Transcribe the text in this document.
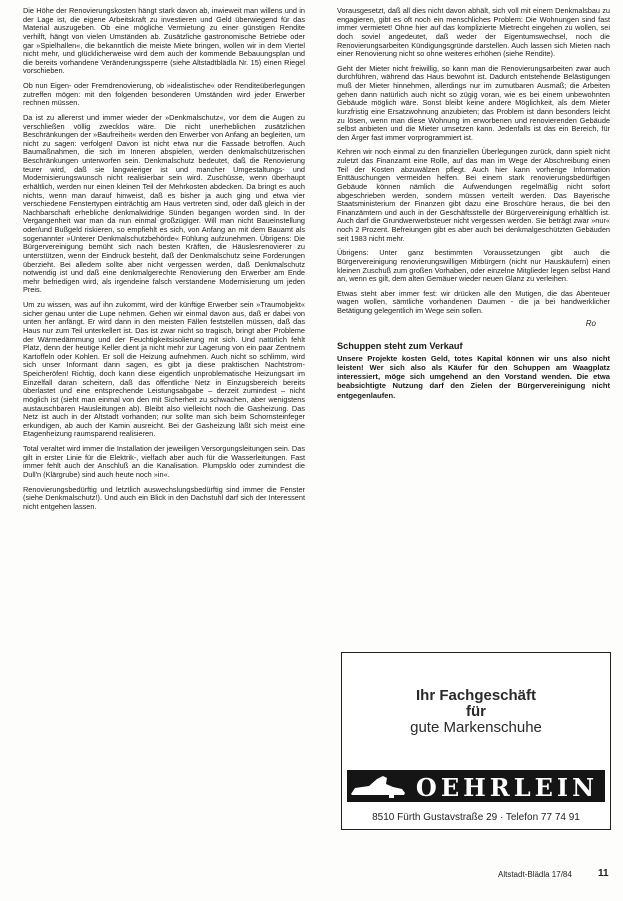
Die Höhe der Renovierungskosten hängt stark davon ab, inwieweit man willens und in der Lage ist, die eigene Arbeitskraft zu investieren und Geld überwiegend für das Material auszugeben. Ob eine mögliche Vermietung zu einer günstigen Rendite verhilft, hängt von vielen Umständen ab. Zusätzliche gastronomische Betriebe oder gar »Spielhallen«, die bekanntlich die meiste Miete bringen, wollen wir in dem Viertel nicht mehr, und glücklicherweise wird dem auch der kommende Bebauungsplan und die bereits vorhandene Veränderungssperre (siehe Altstadtblädla Nr. 15) einen Riegel vorschieben.

Ob nun Eigen- oder Fremdrenovierung, ob »idealistische« oder Renditeüberlegungen zutreffen mögen: mit den folgenden besonderen Umständen wird jeder Erwerber rechnen müssen.

Da ist zu allererst und immer wieder der »Denkmalschutz«, vor dem die Augen zu verschließen völlig zwecklos wäre. Die nicht unerheblichen zusätzlichen Beschränkungen der »Baufreiheit« werden den Erwerber von Anfang an begleiten, um nicht zu sagen: verfolgen! Davon ist nicht etwa nur die Fassade betroffen. Auch Baumaßnahmen, die sich im Inneren abspielen, werden denkmalschützerischen Beschränkungen unterworfen sein. Denkmalschutz bedeutet, daß die Renovierung teurer wird, daß sie langwieriger ist und mancher Umgestaltungs- und Modernisierungswunsch nicht realisierbar sein wird. Zuschüsse, wenn überhaupt erhältlich, werden nur einen kleinen Teil der Mehrkosten abdecken. Da bringt es auch nichts, wenn man darauf hinweist, daß es bisher ja auch ging und etwa vier verschiedene Fenstertypen einträchtig am Haus vertreten sind, oder daß gleich in der Nachbarschaft erhebliche denkmalwidrige Sünden begangen worden sind. In der Vergangenheit war man da nun einmal großzügiger. Will man nicht Baueinstellung oder/und Bußgeld riskieren, so empfiehlt es sich, von Anfang an mit dem Bauamt als sogenannter »Unterer Denkmalschutzbehörde« Fühlung aufzunehmen. Übrigens: Die Bürgervereinigung bemüht sich nach besten Kräften, die Häuslesrenovierer zu unterstützen, wenn der Eindruck besteht, daß der Denkmalschutz seine Forderungen überzieht. Bei alledem sollte aber nicht vergessen werden, daß Denkmalschutz notwendig ist und daß eine denkmalgerechte Renovierung den Erwerber am Ende mehr befriedigen wird, als irgendeine falsch verstandene Modernisierung um jeden Preis.

Um zu wissen, was auf ihn zukommt, wird der künftige Erwerber sein »Traumobjekt« sicher genau unter die Lupe nehmen. Gehen wir einmal davon aus, daß er dabei von unten her anfängt. Er wird dann in den meisten Fällen feststellen müssen, daß das Haus nur zum Teil unterkellert ist. Das ist zwar nicht so tragisch, bringt aber Probleme der Wärmedämmung und der Feuchtigkeitsisolierung mit sich. Und natürlich fehlt Platz, denn der heutige Keller dient ja nicht mehr zur Lagerung von ein paar Zentnern Kartoffeln oder Kohlen. Er soll die Heizung aufnehmen. Auch nicht so schlimm, wird sich unser Informant dann sagen, es gibt ja diese praktischen Nachtstrom-Speicheröfen! Richtig, doch kann diese eigentlich unproblematische Heizungsart im Einzelfall daran scheitern, daß das öffentliche Netz in Einzugsbereich bereits überlastet und eine entsprechende Leistungsabgabe – derzeit zumindest – nicht möglich ist (sieht man einmal von den mit Sicherheit zu schwachen, aber wenigstens austauschbaren Hausleitungen ab). Bleibt also vielleicht noch die Gasheizung. Das Netz ist auch in der Altstadt vorhanden; nur sollte man sich beim Schornsteinfeger erkundigen, ab auch der Kamin ausreicht. Bei der Gasheizung läßt sich meist eine Etagenheizung raumsparend realisieren.

Total veraltet wird immer die Installation der jeweiligen Versorgungsleitungen sein. Das gilt in erster Linie für die Elektrik-, vielfach aber auch für die Wasserleitungen. Fast immer fehlt auch der Anschluß an die Kanalisation. Plumpsklo oder zumindest die Dull'n (Klärgrube) sind auch heute noch »in«.

Renovierungsbedürftig und letztlich auswechslungsbedürftig sind immer die Fenster (siehe Denkmalschutz!). Und auch ein Blick in den Dachstuhl darf sich der Interessent nicht entgehen lassen.

Vorausgesetzt, daß all dies nicht davon abhält, sich voll mit einem Denkmalsbau zu engagieren, gibt es oft noch ein menschliches Problem: Die Wohnungen sind fast immer vermietet! Ohne hier auf das komplizierte Mietrecht eingehen zu wollen, sei doch soviel angedeutet, daß weder der Eigentumswechsel, noch die Renovierungsarbeiten Kündigungsgründe darstellen. Auch lassen sich Mieten nach einer Renovierung nicht so ohne weiteres erhöhen (siehe Rendite).

Geht der Mieter nicht freiwillig, so kann man die Renovierungsarbeiten zwar auch durchführen, während das Haus bewohnt ist. Dadurch entstehende Belästigungen muß der Mieter hinnehmen, allerdings nur im zumutbaren Ausmaß; die Arbeiten gehen dann natürlich auch nicht so zügig voran, wie es bei einem unbewohnten Gebäude möglich wäre. Sonst bleibt keine andere Möglichkeit, als dem Mieter kurzfristig eine Ersatzwohnung anzubieten; das Problem ist dann besonders leicht zu lösen, wenn man diese Wohnung im erworbenen und renovierenden Gebäude selbst anbieten und die Mieter umsetzen kann. Jedenfalls ist das ein Bereich, für den Ärger fast immer vorprogrammiert ist.

Kehren wir noch einmal zu den finanziellen Überlegungen zurück, dann spielt nicht zuletzt das Finanzamt eine Rolle, auf das man im Wege der Abschreibung einen Teil der Kosten abzuwälzen pflegt. Auch hier kann vorherige Information Enttäuschungen vermeiden helfen. Bei einem stark renovierungsbedürftigen Gebäude können nämlich die Aufwendungen regelmäßig nicht sofort abgeschrieben werden, sondern müssen verteilt werden. Das Bayerische Staatsministerium der Finanzen gibt dazu eine Broschüre heraus, die bei den Finanzämtern und auch in der Geschäftsstelle der Bürgervereinigung erhältlich ist. Auch darf die Grundwerwerbsteuer nicht vergessen werden. Sie beträgt zwar »nur« noch 2 Prozent. Befreiungen gibt es aber auch bei denkmalgeschützten Gebäuden seit 1983 nicht mehr.

Übrigens: Unter ganz bestimmten Voraussetzungen gibt auch die Bürgervereinigung renovierungswilligen Mitbürgern (nicht nur Hauskäufern) einen kleinen Zuschuß zum großen Vorhaben, oder einzelne Mitglieder legen selbst Hand an, wenn es gilt, dem alten Gemäuer wieder neuen Glanz zu verleihen.

Etwas steht aber immer fest: wir drücken alle den Mutigen, die das Abenteuer wagen wollen, sämtliche vorhandenen Daumen - die ja bei handwerklicher Betätigung gelegentlich im Wege sein sollen.

Ro
Schuppen steht zum Verkauf

Unsere Projekte kosten Geld, totes Kapital können wir uns also nicht leisten! Wer sich also als Käufer für den Schuppen am Waagplatz interessiert, möge sich umgehend an den Vorstand wenden. Die etwa beabsichtigte Nutzung darf den Zielen der Bürgervereinigung nicht entgegenlaufen.

Ihr Fachgeschäft
für
gute Markenschuhe
OEHRLEIN
8510 Fürth Gustavstraße 29 · Telefon 77 74 91
Altstadt-Blädla 17/84	11
